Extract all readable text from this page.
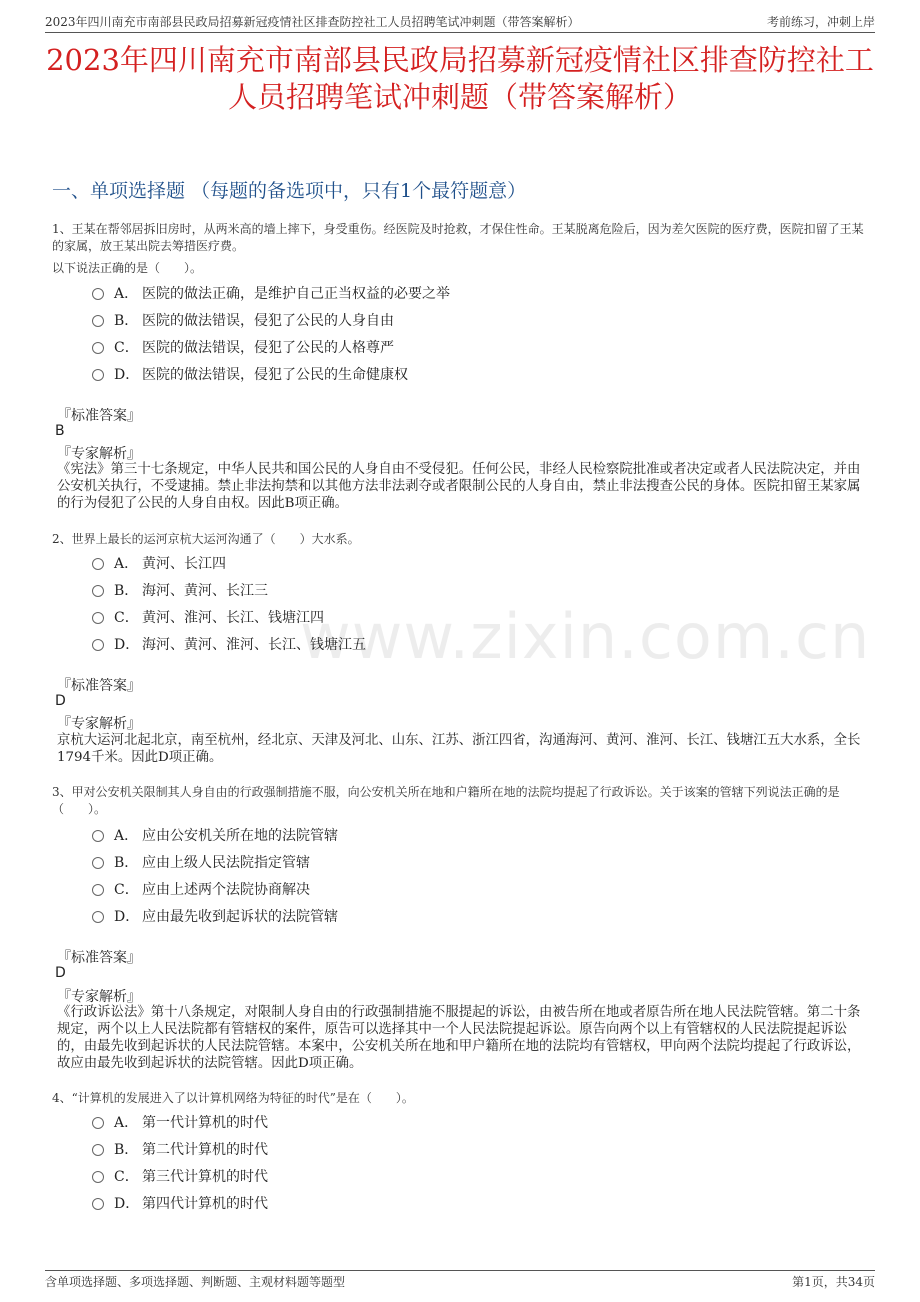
2023年四川南充市南部县民政局招募新冠疫情社区排查防控社工人员招聘笔试冲刺题（带答案解析）	考前练习，冲刺上岸
2023年四川南充市南部县民政局招募新冠疫情社区排查防控社工人员招聘笔试冲刺题（带答案解析）
一、单项选择题 （每题的备选项中，只有1个最符题意）
www.zixin.com.cn
1、王某在帮邻居拆旧房时，从两米高的墙上摔下，身受重伤。经医院及时抢救，才保住性命。王某脱离危险后，因为差欠医院的医疗费，医院扣留了王某的家属，放王某出院去筹措医疗费。
以下说法正确的是（　　）。
A． 医院的做法正确，是维护自己正当权益的必要之举
B． 医院的做法错误，侵犯了公民的人身自由
C． 医院的做法错误，侵犯了公民的人格尊严
D． 医院的做法错误，侵犯了公民的生命健康权
『标准答案』
B
『专家解析』
《宪法》第三十七条规定，中华人民共和国公民的人身自由不受侵犯。任何公民，非经人民检察院批准或者决定或者人民法院决定，并由公安机关执行，不受逮捕。禁止非法拘禁和以其他方法非法剥夺或者限制公民的人身自由，禁止非法搜查公民的身体。医院扣留王某家属的行为侵犯了公民的人身自由权。因此B项正确。
2、世界上最长的运河京杭大运河沟通了（　　）大水系。
A． 黄河、长江四
B． 海河、黄河、长江三
C． 黄河、淮河、长江、钱塘江四
D． 海河、黄河、淮河、长江、钱塘江五
『标准答案』
D
『专家解析』
京杭大运河北起北京，南至杭州，经北京、天津及河北、山东、江苏、浙江四省，沟通海河、黄河、淮河、长江、钱塘江五大水系，全长1794千米。因此D项正确。
3、甲对公安机关限制其人身自由的行政强制措施不服，向公安机关所在地和户籍所在地的法院均提起了行政诉讼。关于该案的管辖下列说法正确的是（　　）。
A． 应由公安机关所在地的法院管辖
B． 应由上级人民法院指定管辖
C． 应由上述两个法院协商解决
D． 应由最先收到起诉状的法院管辖
『标准答案』
D
『专家解析』
《行政诉讼法》第十八条规定，对限制人身自由的行政强制措施不服提起的诉讼，由被告所在地或者原告所在地人民法院管辖。第二十条规定，两个以上人民法院都有管辖权的案件，原告可以选择其中一个人民法院提起诉讼。原告向两个以上有管辖权的人民法院提起诉讼的，由最先收到起诉状的人民法院管辖。本案中，公安机关所在地和甲户籍所在地的法院均有管辖权，甲向两个法院均提起了行政诉讼，故应由最先收到起诉状的法院管辖。因此D项正确。
4、“计算机的发展进入了以计算机网络为特征的时代”是在（　　）。
A． 第一代计算机的时代
B． 第二代计算机的时代
C． 第三代计算机的时代
D． 第四代计算机的时代
含单项选择题、多项选择题、判断题、主观材料题等题型	第1页，共34页
